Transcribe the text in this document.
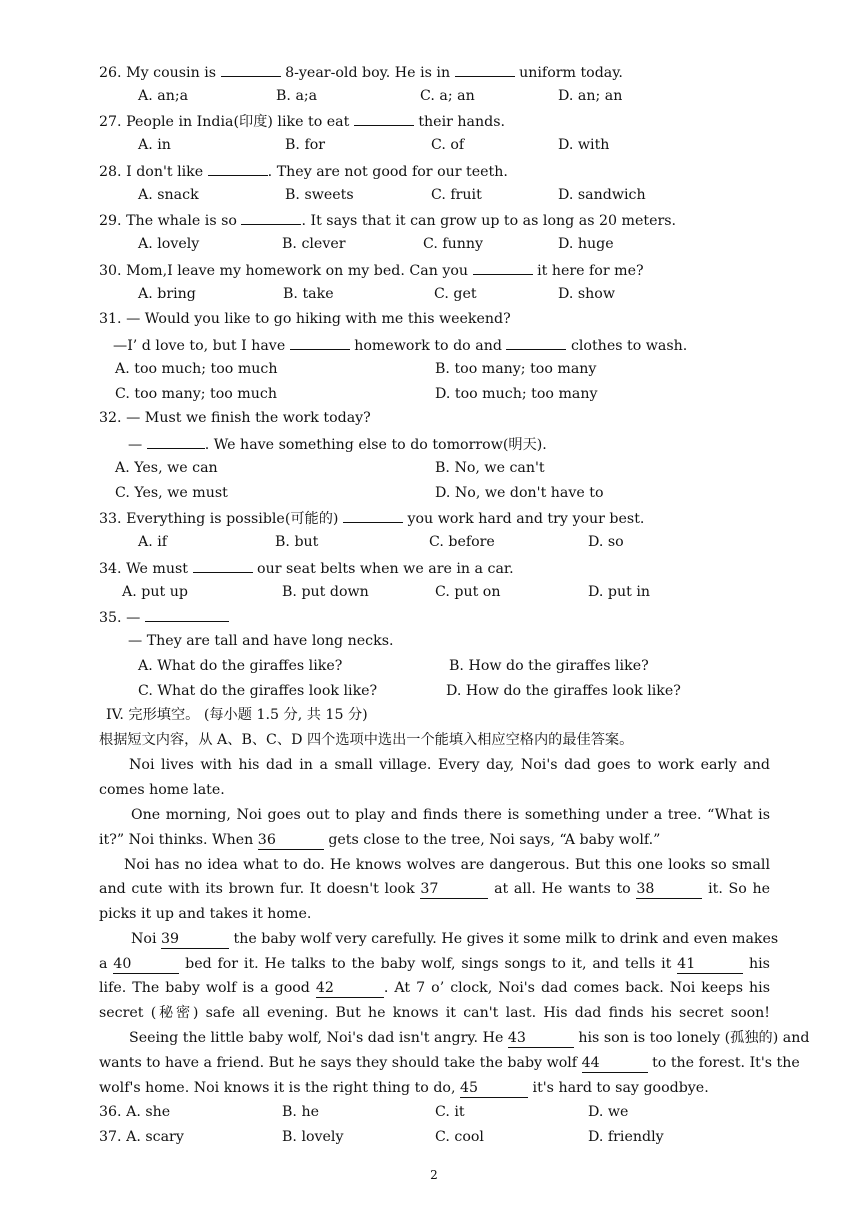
26. My cousin is	8-year-old boy. He is in	uniform today.
A. an;a	B. a;a	C. a; an	D. an; an
27. People in India(印度) like to eat	their hands.
A. in	B. for	C. of	D. with
28. I don't like	. They are not good for our teeth.
A. snack	B. sweets	C. fruit	D. sandwich
29. The whale is so	. It says that it can grow up to as long as 20 meters.
A. lovely	B. clever	C. funny	D. huge
30. Mom,I leave my homework on my bed. Can you	it here for me?
A. bring	B. take	C. get	D. show
31. — Would you like to go hiking with me this weekend?
—I’ d love to, but I have	homework to do and	clothes to wash.
A. too much; too much	B. too many; too many
C. too many; too much	D. too much; too many
32. — Must we finish the work today?
—	. We have something else to do tomorrow(明天).
A. Yes, we can	B. No, we can't
C. Yes, we must	D. No, we don't have to
33. Everything is possible(可能的)	you work hard and try your best.
A. if	B. but	C. before	D. so
34. We must	our seat belts when we are in a car.
A. put up	B. put down	C. put on	D. put in
35. —
— They are tall and have long necks.
A. What do the giraffes like?	B. How do the giraffes like?
C. What do the giraffes look like?	D. How do the giraffes look like?
IV. 完形填空。 (每小题 1.5 分, 共 15 分)
根据短文内容，从 A、B、C、D 四个选项中选出一个能填入相应空格内的最佳答案。
Noi lives with his dad in a small village. Every day, Noi's dad goes to work early and
comes home late.
One morning, Noi goes out to play and finds there is something under a tree. “What is
it?” Noi thinks. When 36	gets close to the tree, Noi says, “A baby wolf.”
Noi has no idea what to do. He knows wolves are dangerous. But this one looks so small
and cute with its brown fur. It doesn't look 37	at all. He wants to 38	it. So he
picks it up and takes it home.
Noi 39	the baby wolf very carefully. He gives it some milk to drink and even makes
a 40	bed for it. He talks to the baby wolf, sings songs to it, and tells it 41	his
life. The baby wolf is a good 42	. At 7 o’ clock, Noi's dad comes back. Noi keeps his
secret (秘密) safe all evening. But he knows it can't last. His dad finds his secret soon!
Seeing the little baby wolf, Noi's dad isn't angry. He 43	his son is too lonely (孤独的) and
wants to have a friend. But he says they should take the baby wolf 44	to the forest. It's the
wolf's home. Noi knows it is the right thing to do, 45	it's hard to say goodbye.
36. A. she	B. he	C. it	D. we
37. A. scary	B. lovely	C. cool	D. friendly
2
